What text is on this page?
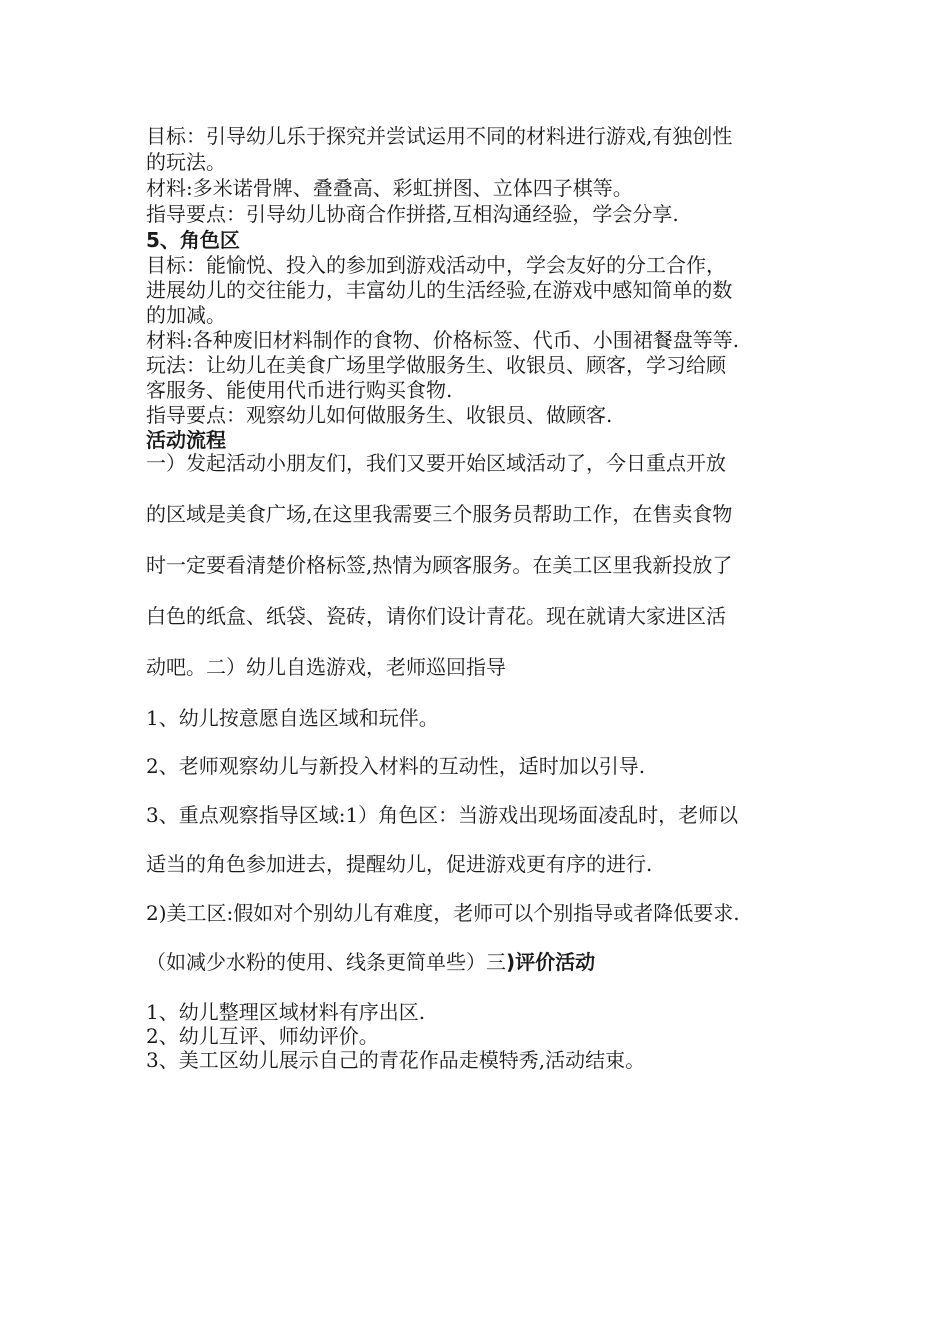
目标：引导幼儿乐于探究并尝试运用不同的材料进行游戏,有独创性
的玩法。
材料:多米诺骨牌、叠叠高、彩虹拼图、立体四子棋等。
指导要点：引导幼儿协商合作拼搭,互相沟通经验，学会分享.
5、角色区
目标：能愉悦、投入的参加到游戏活动中，学会友好的分工合作，
进展幼儿的交往能力，丰富幼儿的生活经验,在游戏中感知简单的数
的加减。
材料:各种废旧材料制作的食物、价格标签、代币、小围裙餐盘等等.
玩法：让幼儿在美食广场里学做服务生、收银员、顾客，学习给顾
客服务、能使用代币进行购买食物.
指导要点：观察幼儿如何做服务生、收银员、做顾客.
活动流程
一）发起活动小朋友们，我们又要开始区域活动了，今日重点开放
的区域是美食广场,在这里我需要三个服务员帮助工作，在售卖食物
时一定要看清楚价格标签,热情为顾客服务。在美工区里我新投放了
白色的纸盒、纸袋、瓷砖，请你们设计青花。现在就请大家进区活
动吧。二）幼儿自选游戏，老师巡回指导
1、幼儿按意愿自选区域和玩伴。
2、老师观察幼儿与新投入材料的互动性，适时加以引导.
3、重点观察指导区域:1）角色区：当游戏出现场面凌乱时，老师以
适当的角色参加进去，提醒幼儿，促进游戏更有序的进行.
2)美工区:假如对个别幼儿有难度，老师可以个别指导或者降低要求.
（如减少水粉的使用、线条更简单些）三)评价活动
1、幼儿整理区域材料有序出区.
2、幼儿互评、师幼评价。
3、美工区幼儿展示自己的青花作品走模特秀,活动结束。
